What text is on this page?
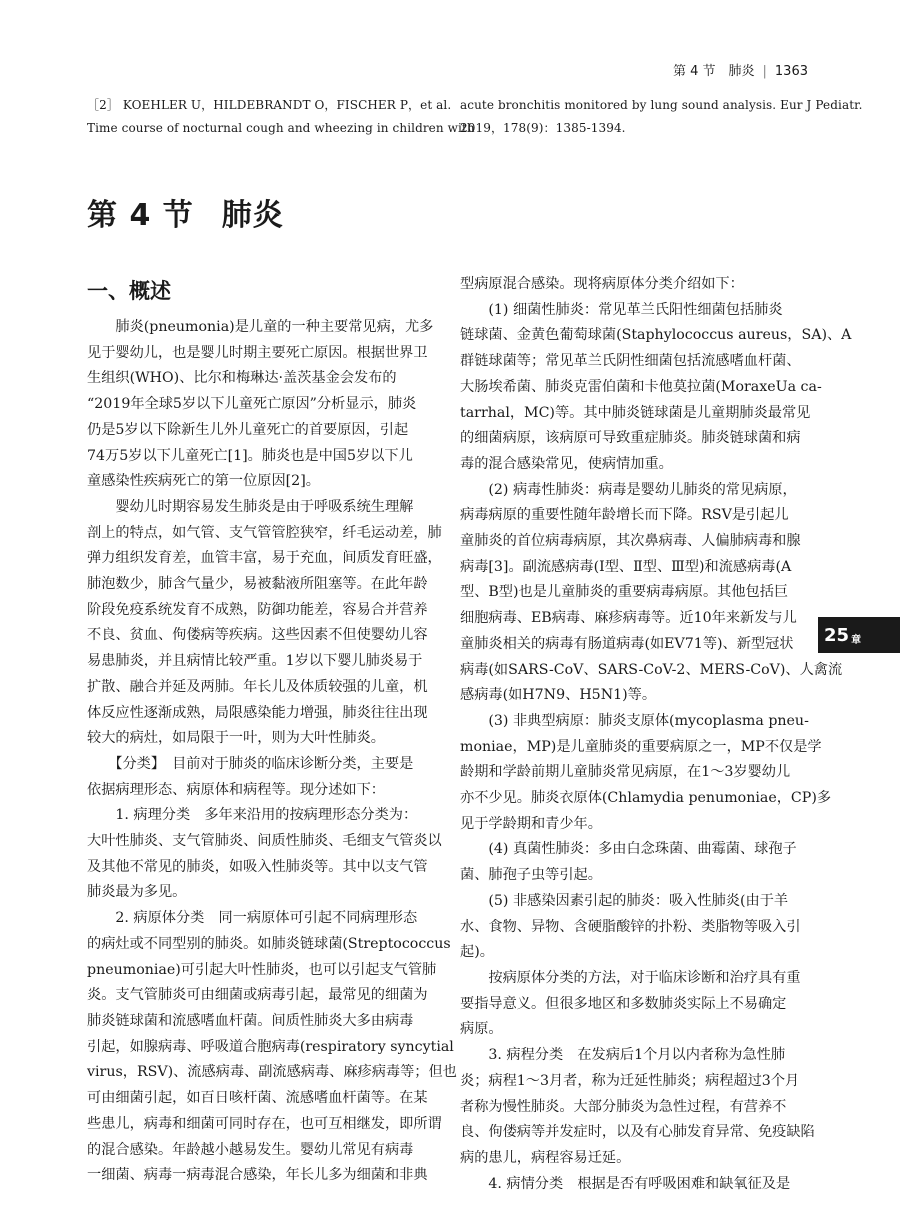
第 4 节　肺炎 | 1363
［2］ KOEHLER U，HILDEBRANDT O，FISCHER P，et al.
Time course of nocturnal cough and wheezing in children with
acute bronchitis monitored by lung sound analysis. Eur J Pediatr.
2019，178(9)：1385-1394.
第 4 节 肺炎
一、概述
　　肺炎(pneumonia)是儿童的一种主要常见病，尤多
见于婴幼儿，也是婴儿时期主要死亡原因。根据世界卫
生组织(WHO)、比尔和梅琳达·盖茨基金会发布的
“2019年全球5岁以下儿童死亡原因”分析显示，肺炎
仍是5岁以下除新生儿外儿童死亡的首要原因，引起
74万5岁以下儿童死亡[1]。肺炎也是中国5岁以下儿
童感染性疾病死亡的第一位原因[2]。
　　婴幼儿时期容易发生肺炎是由于呼吸系统生理解
剖上的特点，如气管、支气管管腔狭窄，纤毛运动差，肺
弹力组织发育差，血管丰富，易于充血，间质发育旺盛，
肺泡数少，肺含气量少，易被黏液所阻塞等。在此年龄
阶段免疫系统发育不成熟，防御功能差，容易合并营养
不良、贫血、佝偻病等疾病。这些因素不但使婴幼儿容
易患肺炎，并且病情比较严重。1岁以下婴儿肺炎易于
扩散、融合并延及两肺。年长儿及体质较强的儿童，机
体反应性逐渐成熟，局限感染能力增强，肺炎往往出现
较大的病灶，如局限于一叶，则为大叶性肺炎。
　　【分类】　目前对于肺炎的临床诊断分类，主要是
依据病理形态、病原体和病程等。现分述如下：
　　1. 病理分类　多年来沿用的按病理形态分类为：
大叶性肺炎、支气管肺炎、间质性肺炎、毛细支气管炎以
及其他不常见的肺炎，如吸入性肺炎等。其中以支气管
肺炎最为多见。
　　2. 病原体分类　同一病原体可引起不同病理形态
的病灶或不同型别的肺炎。如肺炎链球菌(Streptococcus
pneumoniae)可引起大叶性肺炎，也可以引起支气管肺
炎。支气管肺炎可由细菌或病毒引起，最常见的细菌为
肺炎链球菌和流感嗜血杆菌。间质性肺炎大多由病毒
引起，如腺病毒、呼吸道合胞病毒(respiratory syncytial
virus，RSV)、流感病毒、副流感病毒、麻疹病毒等；但也
可由细菌引起，如百日咳杆菌、流感嗜血杆菌等。在某
些患儿，病毒和细菌可同时存在，也可互相继发，即所谓
的混合感染。年龄越小越易发生。婴幼儿常见有病毒
一细菌、病毒一病毒混合感染，年长儿多为细菌和非典
型病原混合感染。现将病原体分类介绍如下：
　　(1) 细菌性肺炎：常见革兰氏阳性细菌包括肺炎
链球菌、金黄色葡萄球菌(Staphylococcus aureus，SA)、A
群链球菌等；常见革兰氏阴性细菌包括流感嗜血杆菌、
大肠埃希菌、肺炎克雷伯菌和卡他莫拉菌(MoraxeUa ca-
tarrhal，MC)等。其中肺炎链球菌是儿童期肺炎最常见
的细菌病原，该病原可导致重症肺炎。肺炎链球菌和病
毒的混合感染常见，使病情加重。
　　(2) 病毒性肺炎：病毒是婴幼儿肺炎的常见病原，
病毒病原的重要性随年龄增长而下降。RSV是引起儿
童肺炎的首位病毒病原，其次鼻病毒、人偏肺病毒和腺
病毒[3]。副流感病毒(Ⅰ型、Ⅱ型、Ⅲ型)和流感病毒(A
型、B型)也是儿童肺炎的重要病毒病原。其他包括巨
细胞病毒、EB病毒、麻疹病毒等。近10年来新发与儿
童肺炎相关的病毒有肠道病毒(如EV71等)、新型冠状
病毒(如SARS-CoV、SARS-CoV-2、MERS-CoV)、人禽流
感病毒(如H7N9、H5N1)等。
　　(3) 非典型病原：肺炎支原体(mycoplasma pneu-
moniae，MP)是儿童肺炎的重要病原之一，MP不仅是学
龄期和学龄前期儿童肺炎常见病原，在1～3岁婴幼儿
亦不少见。肺炎衣原体(Chlamydia penumoniae，CP)多
见于学龄期和青少年。
　　(4) 真菌性肺炎：多由白念珠菌、曲霉菌、球孢子
菌、肺孢子虫等引起。
　　(5) 非感染因素引起的肺炎：吸入性肺炎(由于羊
水、食物、异物、含硬脂酸锌的扑粉、类脂物等吸入引
起)。
　　按病原体分类的方法，对于临床诊断和治疗具有重
要指导意义。但很多地区和多数肺炎实际上不易确定
病原。
　　3. 病程分类　在发病后1个月以内者称为急性肺
炎；病程1～3月者，称为迁延性肺炎；病程超过3个月
者称为慢性肺炎。大部分肺炎为急性过程，有营养不
良、佝偻病等并发症时，以及有心肺发育异常、免疫缺陷
病的患儿，病程容易迁延。
　　4. 病情分类　根据是否有呼吸困难和缺氧征及是
25 章
